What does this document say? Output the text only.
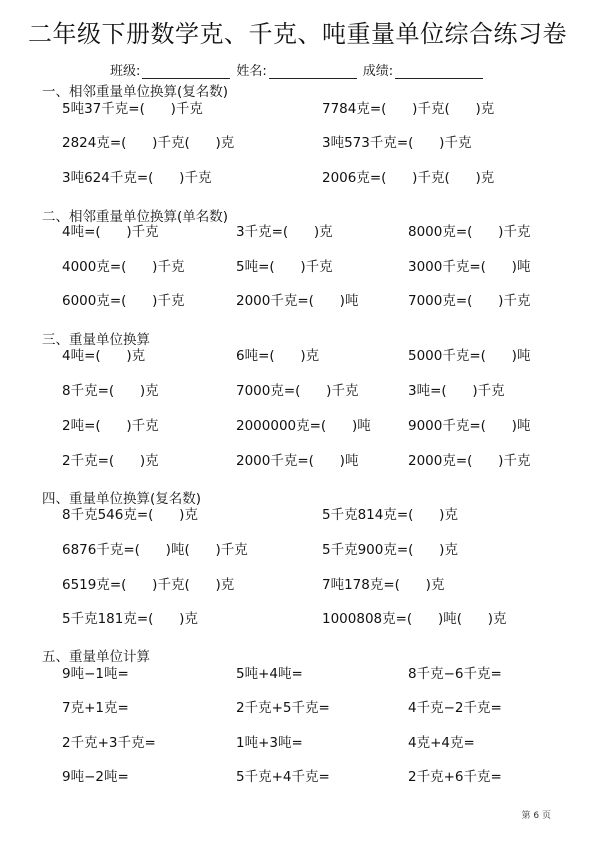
二年级下册数学克、千克、吨重量单位综合练习卷
班级:	姓名:	成绩:
一、相邻重量单位换算(复名数)
5吨37千克=(      )千克	7784克=(      )千克(      )克
2824克=(      )千克(      )克	3吨573千克=(      )千克
3吨624千克=(      )千克	2006克=(      )千克(      )克
二、相邻重量单位换算(单名数)
4吨=(      )千克	3千克=(      )克	8000克=(      )千克
4000克=(      )千克	5吨=(      )千克	3000千克=(      )吨
6000克=(      )千克	2000千克=(      )吨	7000克=(      )千克
三、重量单位换算
4吨=(      )克	6吨=(      )克	5000千克=(      )吨
8千克=(      )克	7000克=(      )千克	3吨=(      )千克
2吨=(      )千克	2000000克=(      )吨	9000千克=(      )吨
2千克=(      )克	2000千克=(      )吨	2000克=(      )千克
四、重量单位换算(复名数)
8千克546克=(      )克	5千克814克=(      )克
6876千克=(      )吨(      )千克	5千克900克=(      )克
6519克=(      )千克(      )克	7吨178克=(      )克
5千克181克=(      )克	1000808克=(      )吨(      )克
五、重量单位计算
9吨−1吨=	5吨+4吨=	8千克−6千克=
7克+1克=	2千克+5千克=	4千克−2千克=
2千克+3千克=	1吨+3吨=	4克+4克=
9吨−2吨=	5千克+4千克=	2千克+6千克=
第 6 页
